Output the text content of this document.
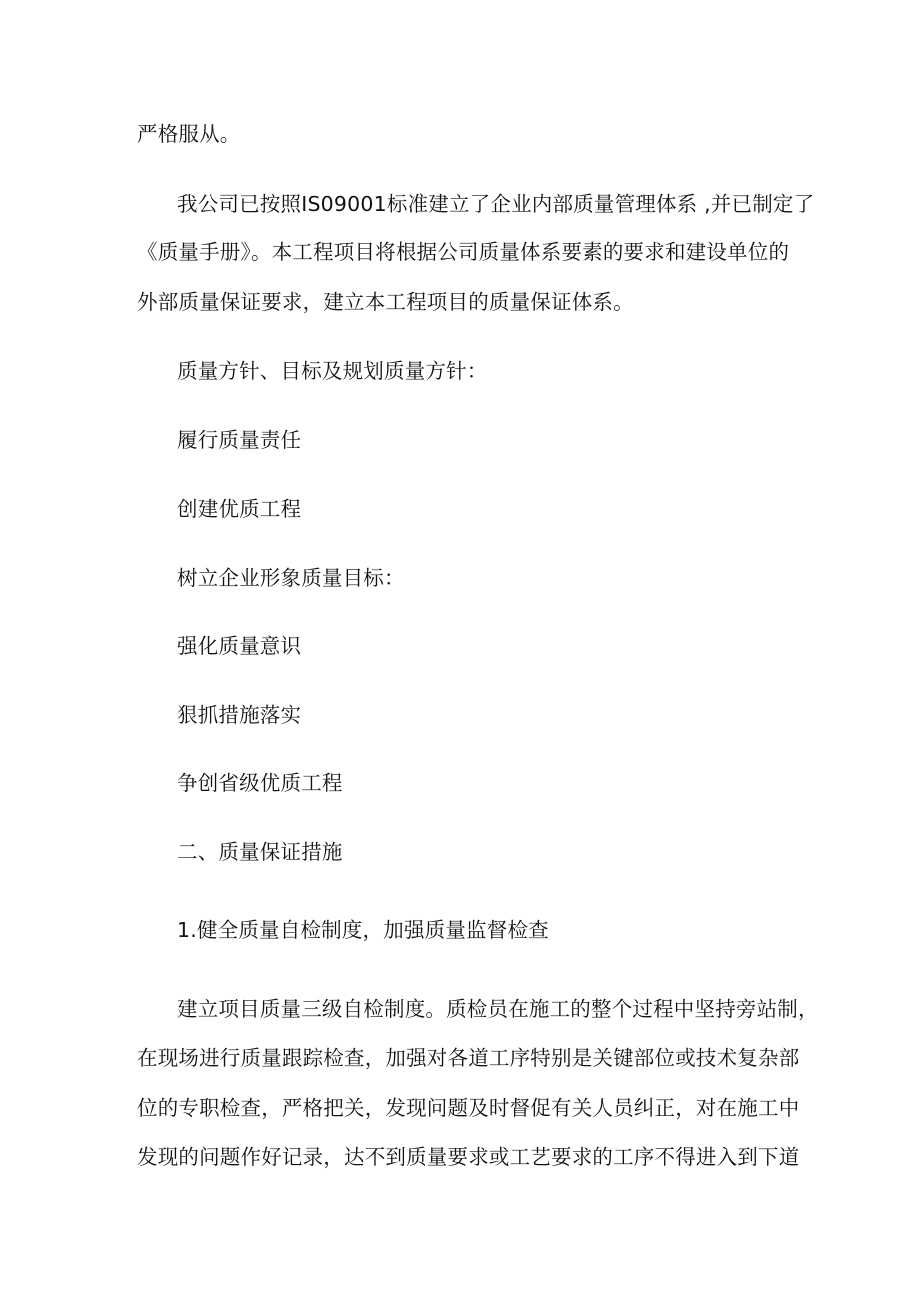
严格服从。
我公司已按照IS09001标准建立了企业内部质量管理体系 ,并已制定了
《质量手册》。本工程项目将根据公司质量体系要素的要求和建设单位的
外部质量保证要求，建立本工程项目的质量保证体系。
质量方针、目标及规划质量方针：
履行质量责任
创建优质工程
树立企业形象质量目标：
强化质量意识
狠抓措施落实
争创省级优质工程
二、质量保证措施
1.健全质量自检制度，加强质量监督检查
建立项目质量三级自检制度。质检员在施工的整个过程中坚持旁站制，
在现场进行质量跟踪检查，加强对各道工序特别是关键部位或技术复杂部
位的专职检查，严格把关，发现问题及时督促有关人员纠正，对在施工中
发现的问题作好记录，达不到质量要求或工艺要求的工序不得进入到下道
